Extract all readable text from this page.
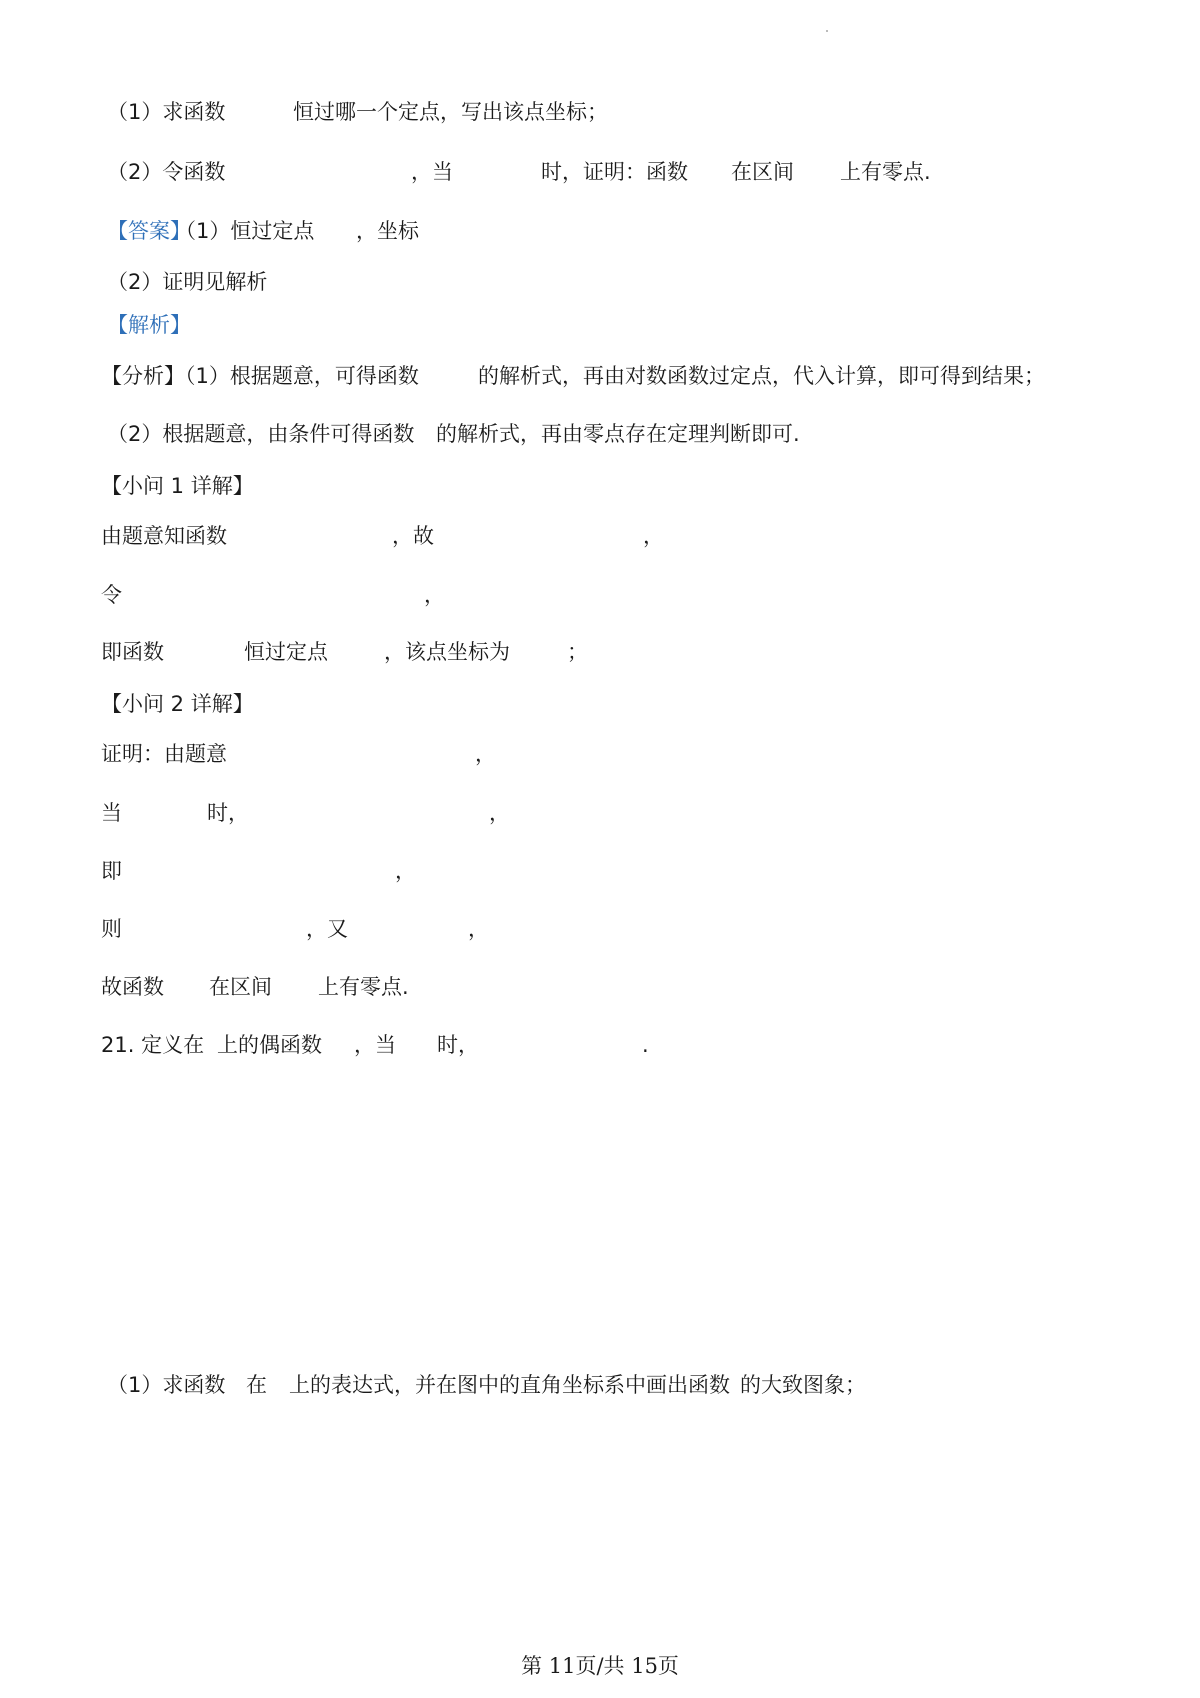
（1）求函数	恒过哪一个定点，写出该点坐标；
（2）令函数	，当	时，证明：函数 在区间 上有零点.
【答案】
（1）恒过定点 ，坐标
（2）证明见解析
【解析】
【分析】（1）根据题意，可得函数	的解析式，再由对数函数过定点，代入计算，即可得到结果；
（2）根据题意，由条件可得函数 的解析式，再由零点存在定理判断即可.
【小问 1 详解】
由题意知函数	，故	，
令	，
即函数	恒过定点	，该点坐标为	；
【小问 2 详解】
证明：由题意	，
当	时，	，
即	，
则	，又	，
故函数 在区间 上有零点.
21. 定义在 上的偶函数 ，当 时，	.
（1）求函数 在 上的表达式，并在图中的直角坐标系中画出函数 的大致图象；
第 11页/共 15页
